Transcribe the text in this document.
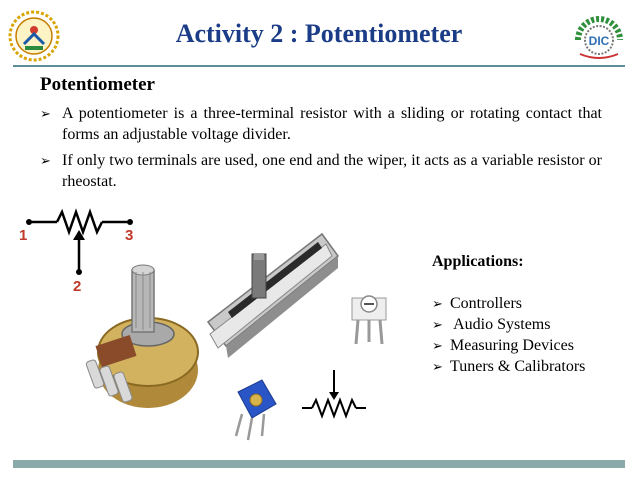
Activity 2 : Potentiometer	DIC
Potentiometer
➢ A potentiometer is a three-terminal resistor with a sliding or rotating contact that forms an adjustable voltage divider.
➢ If only two terminals are used, one end and the wiper, it acts as a variable resistor or rheostat.
1	3
2
Applications:
➢ Controllers
➢ Audio Systems
➢ Measuring Devices
➢ Tuners & Calibrators
